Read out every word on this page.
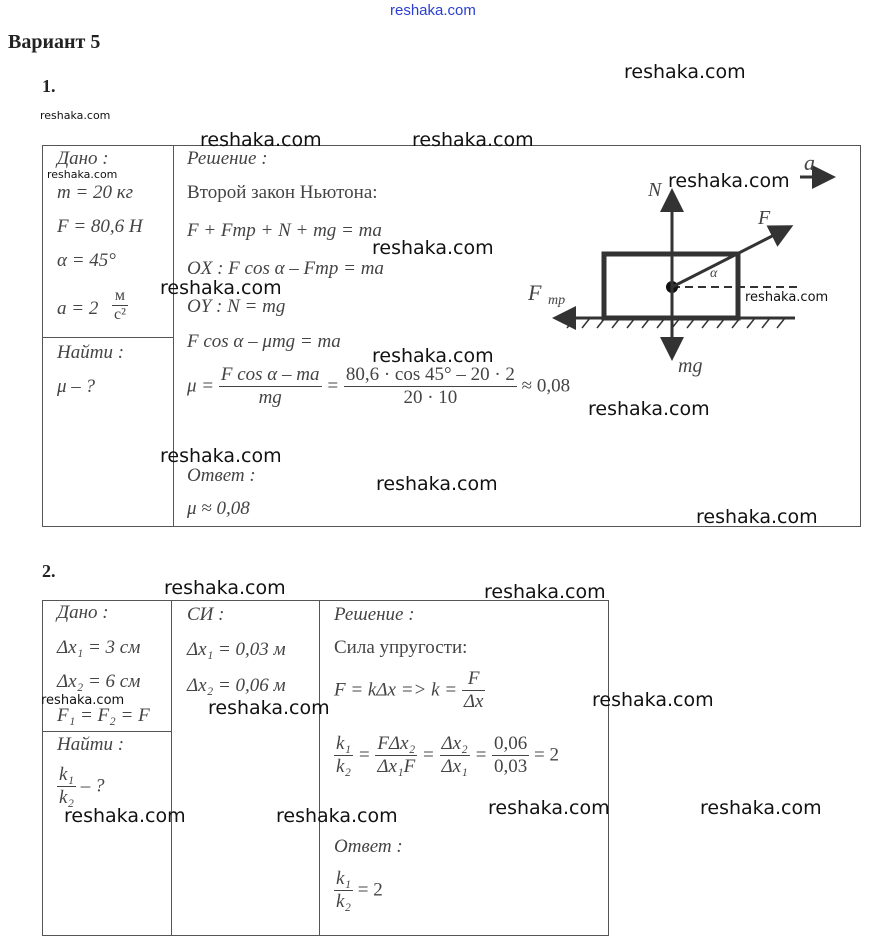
reshaka.com
Вариант 5
1.
Дано :
m = 20 кг
F = 80,6 Н
α = 45°
$a = 2 \frac{м}{\text{с²}}$
Найти :
μ – ?
Решение :
Второй закон Ньютона:
F + Fтр + N + mg = ma
OX : F cos α – Fтр = ma
OY : N = mg
F cos α – μmg = ma
$\mu = \frac{\text{F cos α – ma}}{mg} = \frac{80,6 \cdot \cos 45^\circ - 20 \cdot 2}{20 \cdot 10} \approx 0,08$
Ответ :
μ ≈ 0,08
a
N
F
α
F тр
mg
2.
Дано :
Δx₁ = 3 см
Δx₂ = 6 см
F₁ = F₂ = F
Найти :
$\frac{\text{k₁}}{\text{k₂}}$ – ?
СИ :
Δx₁ = 0,03 м
Δx₂ = 0,06 м
Решение :
Сила упругости:
$F = k\Delta x => k = \frac{F}{\Delta x}$
$\frac{\text{k₁}}{\text{k₂}} = \frac{\text{FΔx₂}}{\text{Δx₁F}} = \frac{\text{Δx₂}}{\text{Δx₁}} = \frac{0,06}{0,03} = 2$
Ответ :
$\frac{\text{k₁}}{\text{k₂}} = 2$
reshaka.com
reshaka.com
reshaka.com	reshaka.com
reshaka.com	reshaka.com
reshaka.com
reshaka.com	reshaka.com
reshaka.com
reshaka.com
reshaka.com
reshaka.com
reshaka.com
reshaka.com	reshaka.com
reshaka.com
reshaka.com	reshaka.com
reshaka.com	reshaka.com
reshaka.com	reshaka.com
